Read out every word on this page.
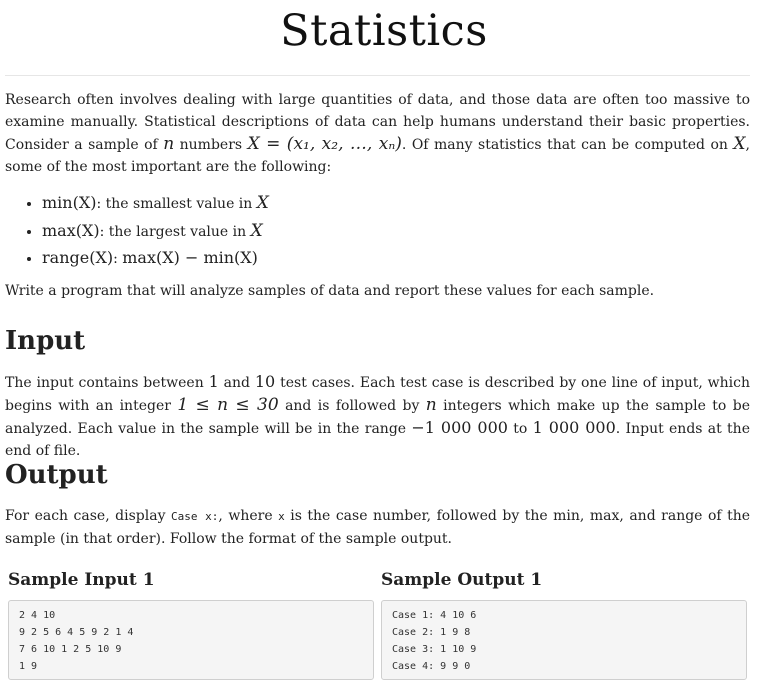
Statistics

Research often involves dealing with large quantities of data, and those data are often too massive to examine manually. Statistical descriptions of data can help humans understand their basic properties. Consider a sample of n numbers X = (x₁, x₂, …, xₙ). Of many statistics that can be computed on X, some of the most important are the following:

• min(X): the smallest value in X
• max(X): the largest value in X
• range(X): max(X) − min(X)

Write a program that will analyze samples of data and report these values for each sample.

Input

The input contains between 1 and 10 test cases. Each test case is described by one line of input, which begins with an integer 1 ≤ n ≤ 30 and is followed by n integers which make up the sample to be analyzed. Each value in the sample will be in the range −1 000 000 to 1 000 000. Input ends at the end of file.

Output

For each case, display Case x:, where x is the case number, followed by the min, max, and range of the sample (in that order). Follow the format of the sample output.

Sample Input 1
2 4 10
9 2 5 6 4 5 9 2 1 4
7 6 10 1 2 5 10 9
1 9
Sample Output 1
Case 1: 4 10 6
Case 2: 1 9 8
Case 3: 1 10 9
Case 4: 9 9 0
